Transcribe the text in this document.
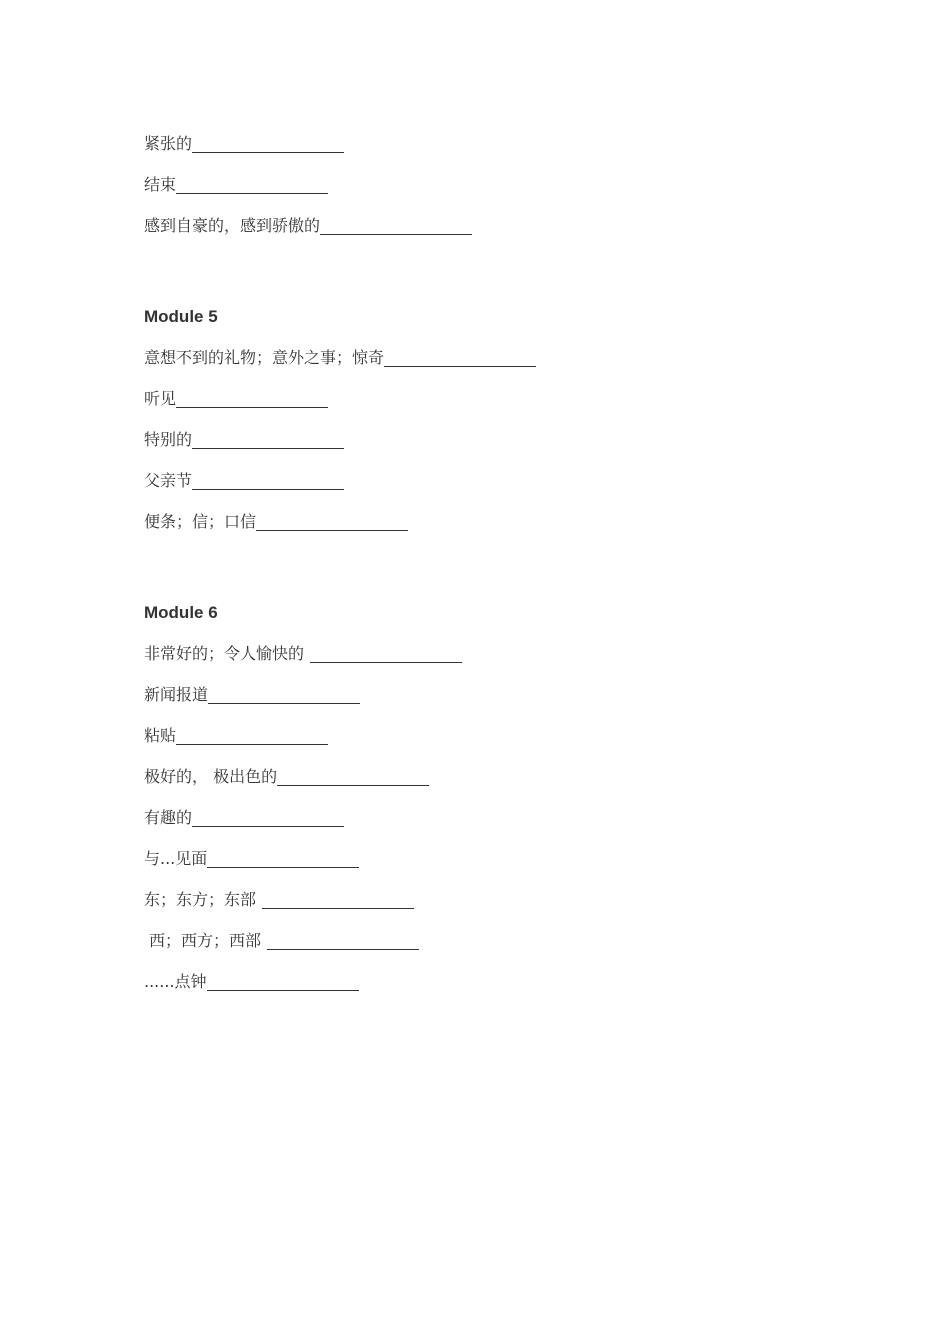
紧张的
结束
感到自豪的，感到骄傲的
Module 5
意想不到的礼物；意外之事；惊奇
听见
特别的
父亲节
便条；信；口信
Module 6
非常好的；令人愉快的
新闻报道
粘贴
极好的， 极出色的
有趣的
与...见面
东；东方；东部
西；西方；西部
......点钟
